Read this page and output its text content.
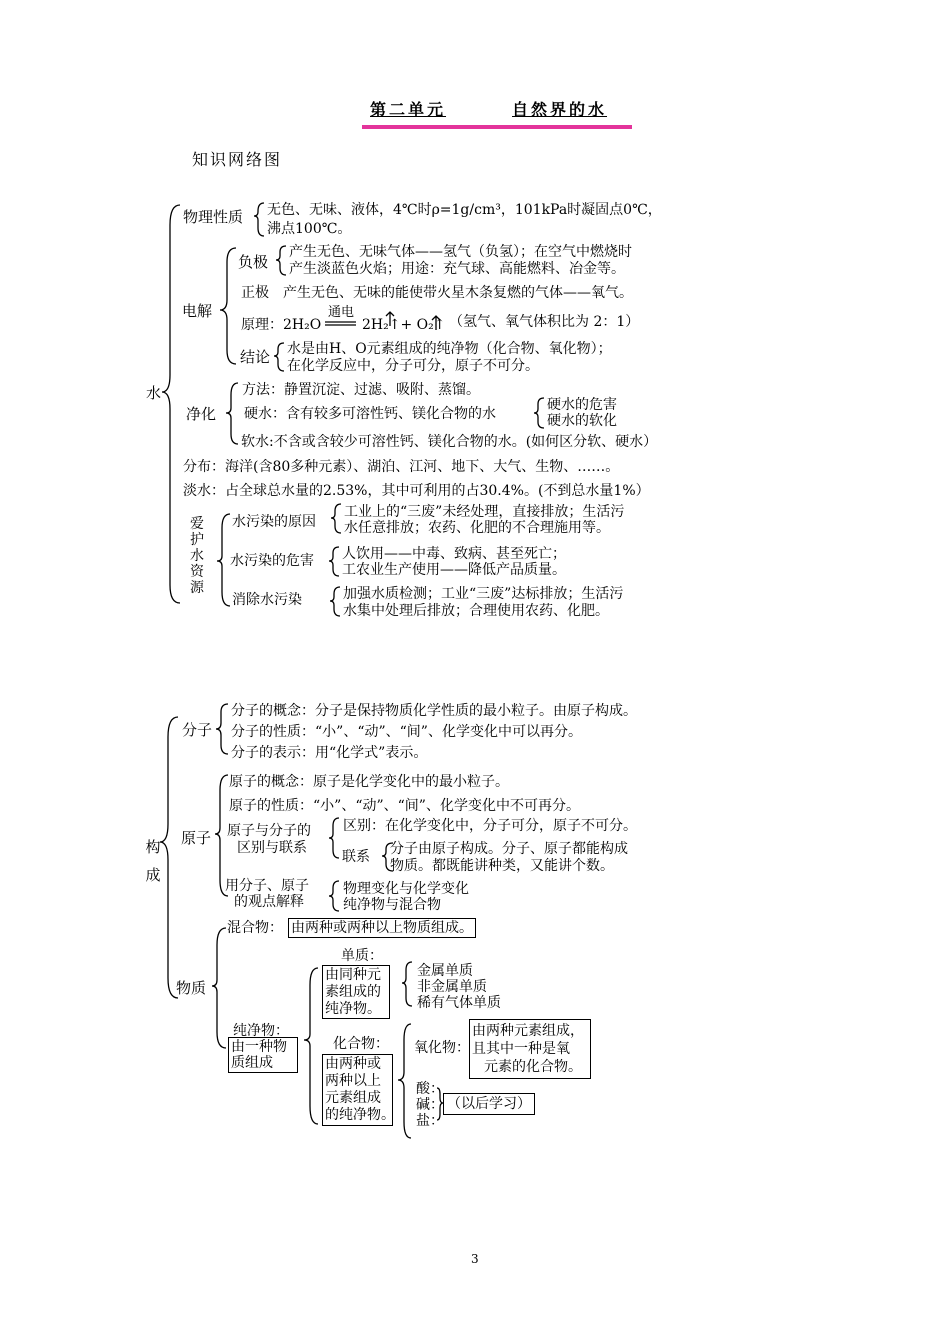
第二单元	自然界的水
知识网络图
水
物理性质 无色、无味、液体，4℃时ρ=1g/cm³，101kPa时凝固点0℃，
沸点100℃。
电解
负极
产生无色、无味气体——氢气（负氢）；在空气中燃烧时
产生淡蓝色火焰；用途：充气球、高能燃料、冶金等。
正极　产生无色、无味的能使带火星木条复燃的气体——氧气。
原理：2H₂O
通电
2H₂↑+ O₂↑ （氢气、氧气体积比为 2：1）
结论 水是由H、O元素组成的纯净物（化合物、氧化物）；
在化学反应中，分子可分，原子不可分。
净化
方法：静置沉淀、过滤、吸附、蒸馏。
硬水：含有较多可溶性钙、镁化合物的水
硬水的危害
硬水的软化
软水:不含或含较少可溶性钙、镁化合物的水。(如何区分软、硬水）
分布：海洋(含80多种元素）、湖泊、江河、地下、大气、生物、……。
淡水：占全球总水量的2.53%，其中可利用的占30.4%。(不到总水量1%）
爱护水资源
水污染的原因
工业上的“三废”未经处理，直接排放；生活污
水任意排放；农药、化肥的不合理施用等。
水污染的危害 人饮用——中毒、致病、甚至死亡；
工农业生产使用——降低产品质量。
消除水污染	加强水质检测；工业“三废”达标排放；生活污
水集中处理后排放；合理使用农药、化肥。
构成
分子
分子的概念：分子是保持物质化学性质的最小粒子。由原子构成。
分子的性质：“小”、“动”、“间”、化学变化中可以再分。
分子的表示：用“化学式”表示。
原子
原子的概念：原子是化学变化中的最小粒子。
原子的性质：“小”、“动”、“间”、化学变化中不可再分。
原子与分子的
区别与联系
区别：在化学变化中，分子可分，原子不可分。
联系 分子由原子构成。分子、原子都能构成
物质。都既能讲种类，又能讲个数。
用分子、原子
的观点解释
物理变化与化学变化
纯净物与混合物
物质
混合物： 由两种或两种以上物质组成。
纯净物：
由一种物
质组成
单质：
由同种元
素组成的
纯净物。
金属单质
非金属单质
稀有气体单质
化合物：
由两种或
两种以上
元素组成
的纯净物。
氧化物：
由两种元素组成，
且其中一种是氧
元素的化合物。
酸：
碱：
盐：
（以后学习）
3
